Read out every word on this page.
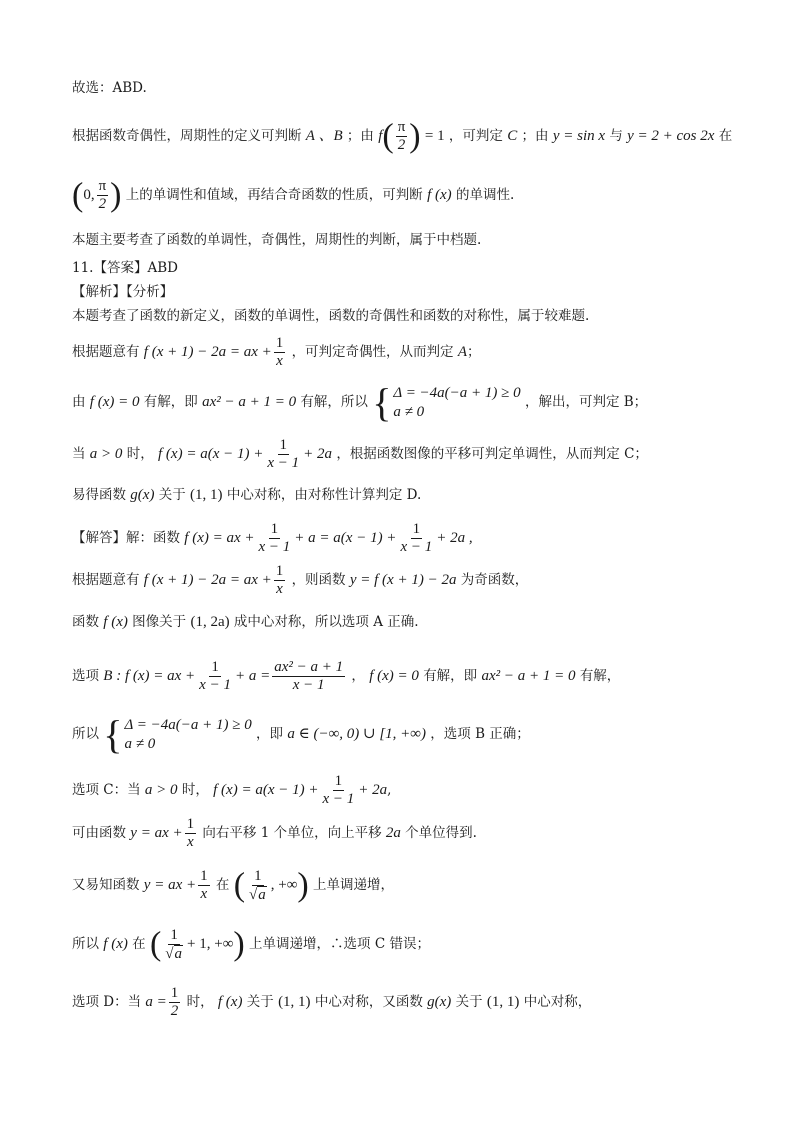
故选：ABD.
根据函数奇偶性，周期性的定义可判断 A 、B ；由 $f( \frac{\pi}{2}$ ) = 1 ，可判定 C ；由 y = sin x 与 y = 2 + cos 2x 在
(0, $\frac{\pi}{2}$ ) 上的单调性和值域，再结合奇函数的性质，可判断 f (x) 的单调性.
本题主要考查了函数的单调性，奇偶性，周期性的判断，属于中档题.
11.【答案】ABD
【解析】【分析】
本题考查了函数的新定义，函数的单调性，函数的奇偶性和函数的对称性，属于较难题.
根据题意有 f (x + 1) − 2a = ax + $\frac{1}{x}$ ，可判定奇偶性，从而判定 A；
由 f (x) = 0 有解，即 ax² − a + 1 = 0 有解，所以 { Δ = −4a(−a + 1) ≥ 0
a ≠ 0
，解出，可判定 B；
当 a > 0 时， f $(x) = a(x - 1) + \frac{1}{x - 1} + 2a$ ，根据函数图像的平移可判定单调性，从而判定 C；
易得函数 g(x) 关于 (1, 1) 中心对称，由对称性计算判定 D.
【解答】解：函数 f (x) = ax + $\frac{1}{x - 1} + a = a(x - 1) + \frac{1}{x - 1} + 2a$ ,
根据题意有 f (x + 1) − 2a = ax + $\frac{1}{x}$ ，则函数 y = f (x + 1) − 2a 为奇函数，
函数 f (x) 图像关于 (1, 2a) 成中心对称，所以选项 A 正确.
选项 B : f (x) = ax + $\frac{1}{x - 1} + a = \frac{\text{ax² − a + 1}}{x - 1}$ ， f (x) = 0 有解，即 ax² − a + 1 = 0 有解，
所以 { Δ = −4a(−a + 1) ≥ 0
a ≠ 0
，即 a ∈ (−∞, 0) ∪ [1, +∞) ，选项 B 正确；
选项 C：当 a > 0 时， f $(x) = a(x - 1) + \frac{1}{x - 1} + 2a$,
可由函数 y = ax + $\frac{1}{x}$ 向右平移 1 个单位，向上平移 2a 个单位得到.
又易知函数 y = ax + $\frac{1}{x}$ 在 ( $\frac{1}{√a}$ , +∞) 上单调递增，
所以 f (x) 在 ( $\frac{1}{√a} + 1$, +∞) 上单调递增，∴选项 C 错误；
选项 D：当 $a = \frac{1}{2}$ 时， f (x) 关于 (1, 1) 中心对称，又函数 g(x) 关于 (1, 1) 中心对称，
